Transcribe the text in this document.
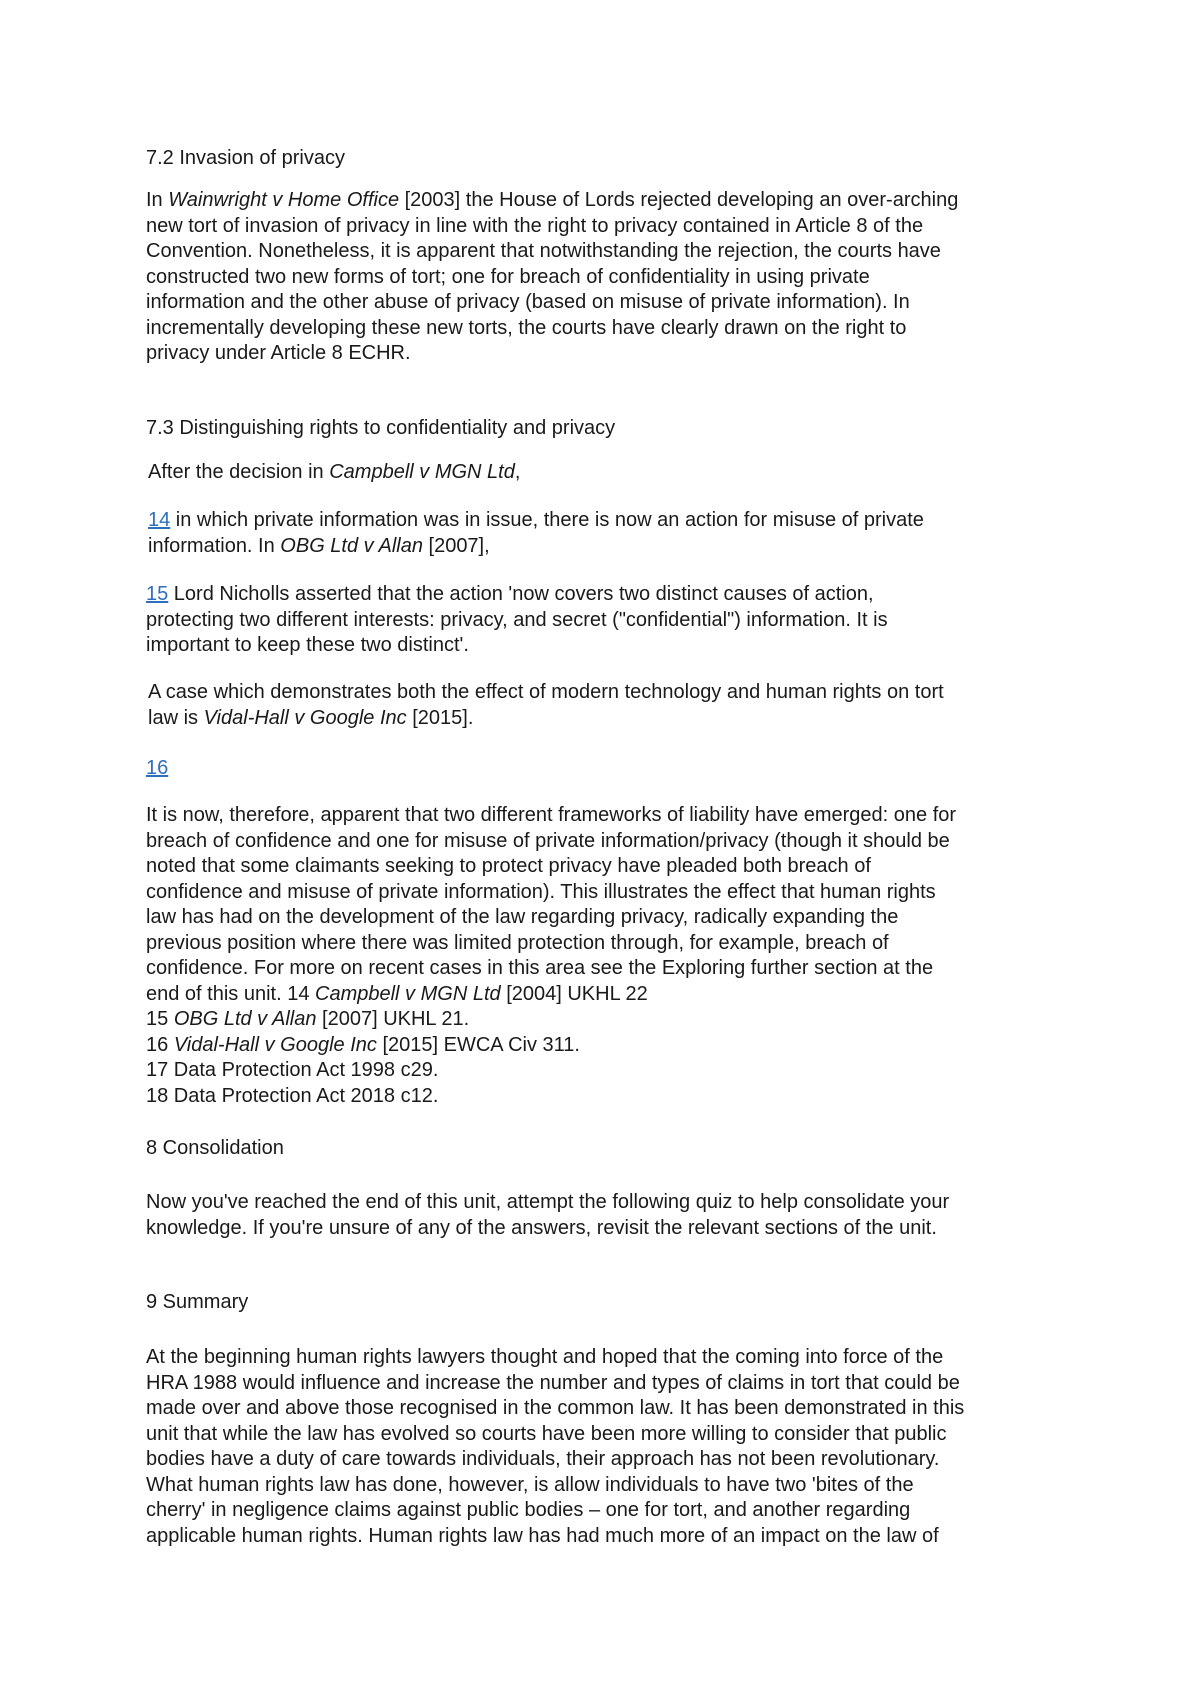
7.2 Invasion of privacy
In Wainwright v Home Office [2003] the House of Lords rejected developing an over-arching
new tort of invasion of privacy in line with the right to privacy contained in Article 8 of the
Convention. Nonetheless, it is apparent that notwithstanding the rejection, the courts have
constructed two new forms of tort; one for breach of confidentiality in using private
information and the other abuse of privacy (based on misuse of private information). In
incrementally developing these new torts, the courts have clearly drawn on the right to
privacy under Article 8 ECHR.
7.3 Distinguishing rights to confidentiality and privacy
After the decision in Campbell v MGN Ltd,
14 in which private information was in issue, there is now an action for misuse of private
information. In OBG Ltd v Allan [2007],
15 Lord Nicholls asserted that the action 'now covers two distinct causes of action,
protecting two different interests: privacy, and secret ("confidential") information. It is
important to keep these two distinct'.
A case which demonstrates both the effect of modern technology and human rights on tort
law is Vidal-Hall v Google Inc [2015].
16
It is now, therefore, apparent that two different frameworks of liability have emerged: one for
breach of confidence and one for misuse of private information/privacy (though it should be
noted that some claimants seeking to protect privacy have pleaded both breach of
confidence and misuse of private information). This illustrates the effect that human rights
law has had on the development of the law regarding privacy, radically expanding the
previous position where there was limited protection through, for example, breach of
confidence. For more on recent cases in this area see the Exploring further section at the
end of this unit. 14 Campbell v MGN Ltd [2004] UKHL 22
15 OBG Ltd v Allan [2007] UKHL 21.
16 Vidal-Hall v Google Inc [2015] EWCA Civ 311.
17 Data Protection Act 1998 c29.
18 Data Protection Act 2018 c12.
8 Consolidation
Now you've reached the end of this unit, attempt the following quiz to help consolidate your
knowledge. If you're unsure of any of the answers, revisit the relevant sections of the unit.
9 Summary
At the beginning human rights lawyers thought and hoped that the coming into force of the
HRA 1988 would influence and increase the number and types of claims in tort that could be
made over and above those recognised in the common law. It has been demonstrated in this
unit that while the law has evolved so courts have been more willing to consider that public
bodies have a duty of care towards individuals, their approach has not been revolutionary.
What human rights law has done, however, is allow individuals to have two 'bites of the
cherry' in negligence claims against public bodies – one for tort, and another regarding
applicable human rights. Human rights law has had much more of an impact on the law of
